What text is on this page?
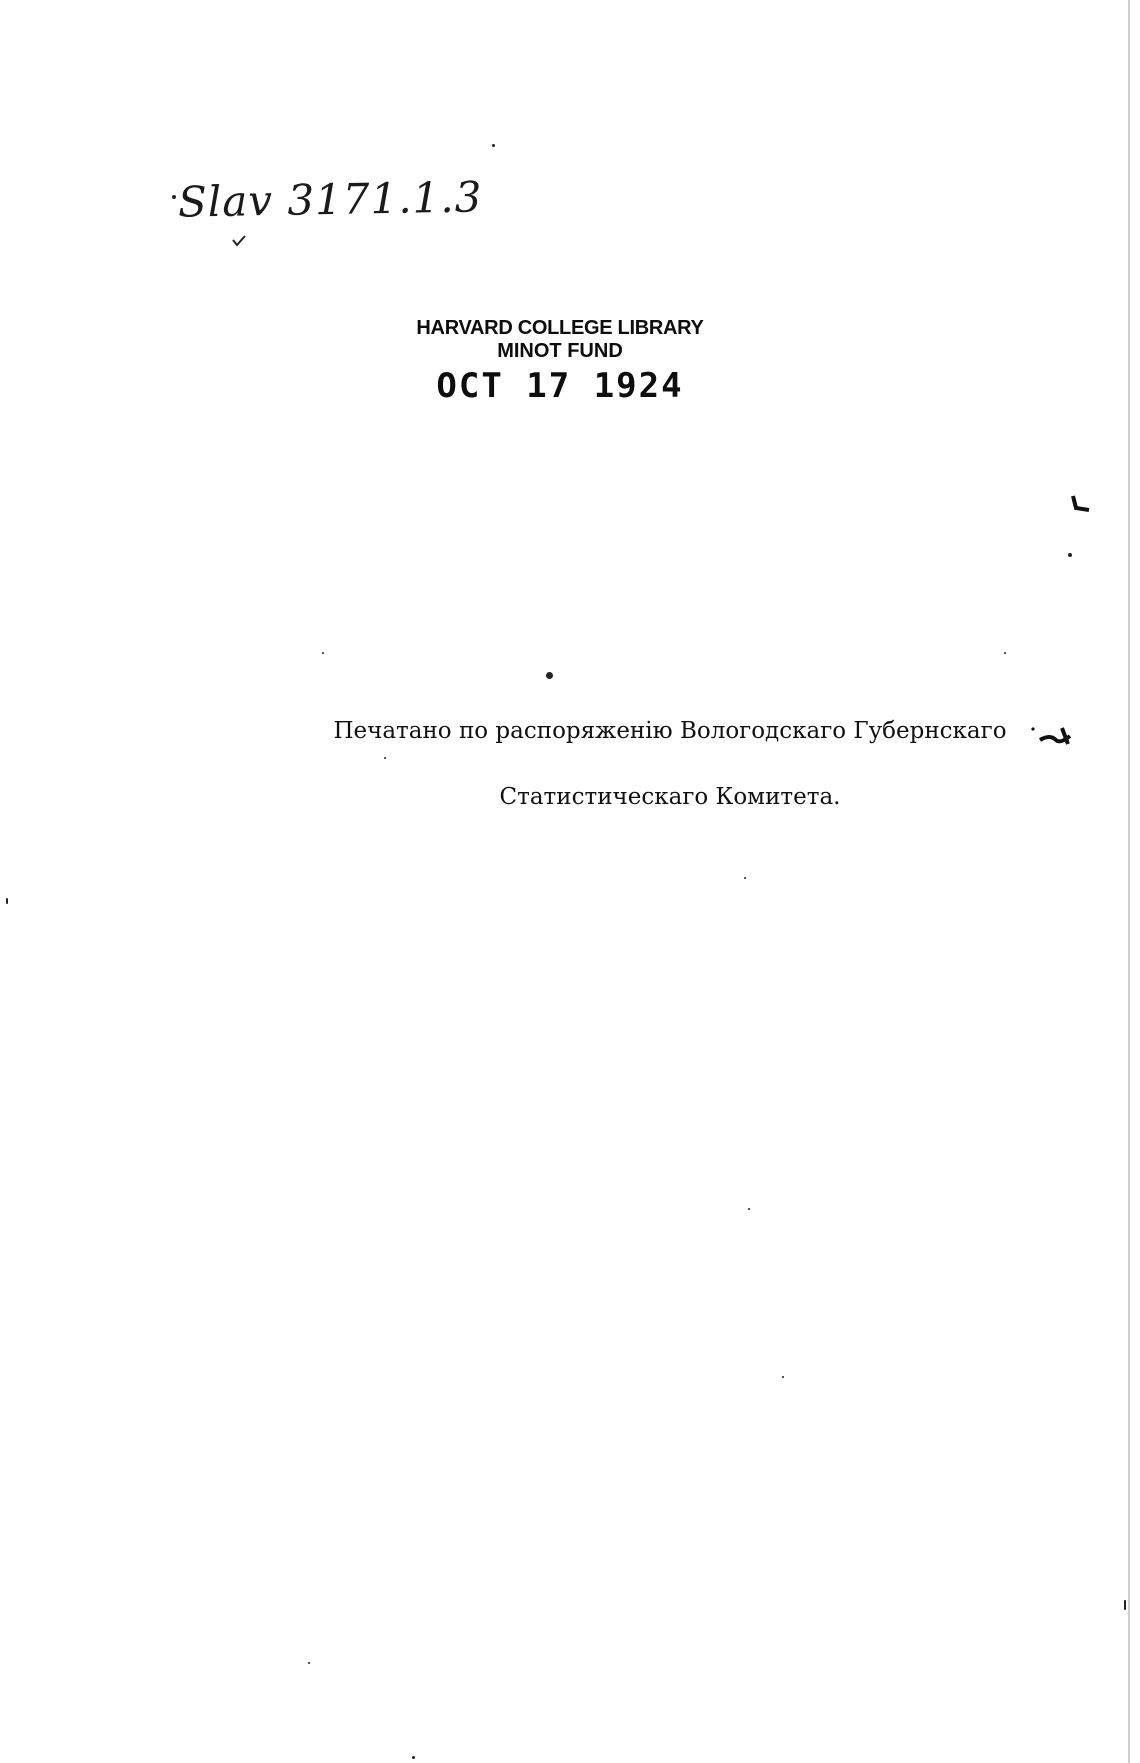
Slav 3171.1.3
HARVARD COLLEGE LIBRARY
MINOT FUND
OCT 17 1924
Печатано по распоряженію Вологодскаго Губернскаго
Статистическаго Комитета.
